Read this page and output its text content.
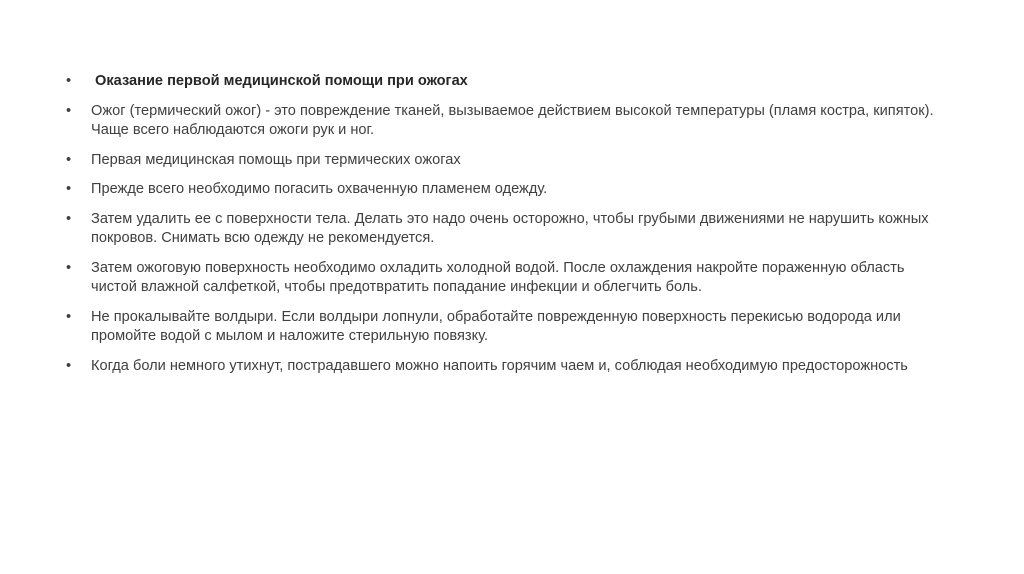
•	Оказание первой медицинской помощи при ожогах
•	Ожог (термический ожог) - это повреждение тканей, вызываемое действием высокой температуры (пламя костра, кипяток). Чаще всего наблюдаются ожоги рук и ног.
•	Первая медицинская помощь при термических ожогах
•	Прежде всего необходимо погасить охваченную пламенем одежду.
•	Затем удалить ее с поверхности тела. Делать это надо очень осторожно, чтобы грубыми движениями не нарушить кожных покровов. Снимать всю одежду не рекомендуется.
•	Затем ожоговую поверхность необходимо охладить холодной водой. После охлаждения накройте пораженную область чистой влажной салфеткой, чтобы предотвратить попадание инфекции и облегчить боль.
•	Не прокалывайте волдыри. Если волдыри лопнули, обработайте поврежденную поверхность перекисью водорода или промойте водой с мылом и наложите стерильную повязку.
•	Когда боли немного утихнут, пострадавшего можно напоить горячим чаем и, соблюдая необходимую предосторожность
